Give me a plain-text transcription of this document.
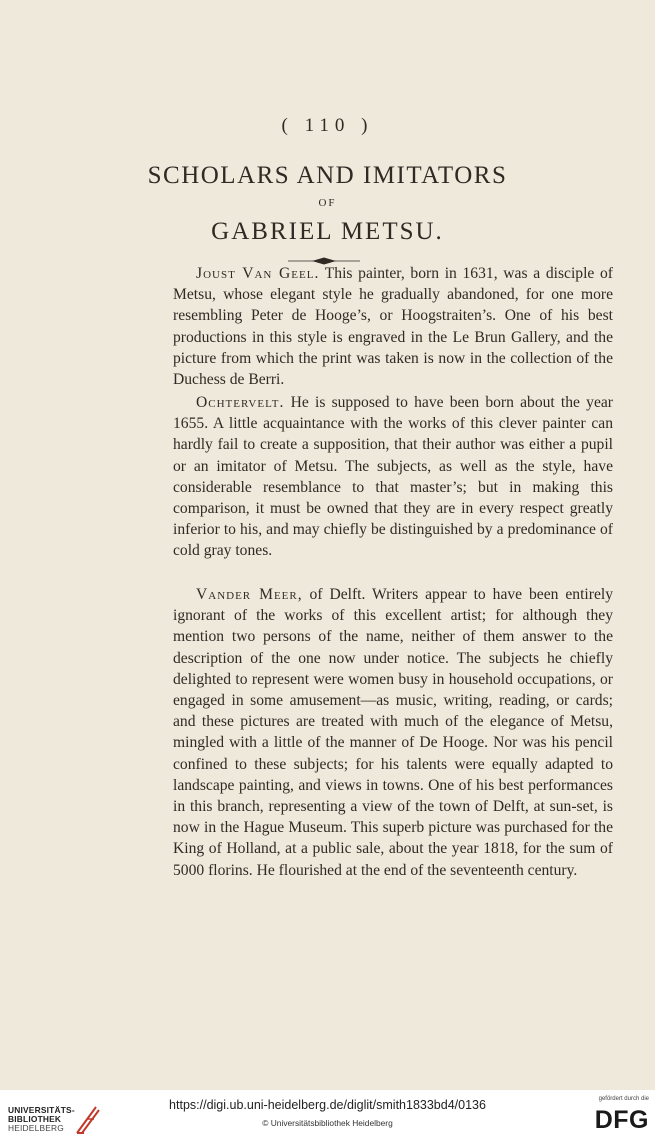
( 110 )
SCHOLARS AND IMITATORS
OF
GABRIEL METSU.

Joust Van Geel. This painter, born in 1631, was a disciple of Metsu, whose elegant style he gradually abandoned, for one more resembling Peter de Hooge’s, or Hoogstraiten’s. One of his best productions in this style is engraved in the Le Brun Gallery, and the picture from which the print was taken is now in the collection of the Duchess de Berri.

Ochtervelt. He is supposed to have been born about the year 1655. A little acquaintance with the works of this clever painter can hardly fail to create a supposition, that their author was either a pupil or an imitator of Metsu. The subjects, as well as the style, have considerable resemblance to that master’s; but in making this comparison, it must be owned that they are in every respect greatly inferior to his, and may chiefly be distinguished by a predominance of cold gray tones.

Vander Meer, of Delft. Writers appear to have been entirely ignorant of the works of this excellent artist; for although they mention two persons of the name, neither of them answer to the description of the one now under notice. The subjects he chiefly delighted to represent were women busy in household occupations, or engaged in some amusement—as music, writing, reading, or cards; and these pictures are treated with much of the elegance of Metsu, mingled with a little of the manner of De Hooge. Nor was his pencil confined to these subjects; for his talents were equally adapted to landscape painting, and views in towns. One of his best performances in this branch, representing a view of the town of Delft, at sun-set, is now in the Hague Museum. This superb picture was purchased for the King of Holland, at a public sale, about the year 1818, for the sum of 5000 florins. He flourished at the end of the seventeenth century.

UNIVERSITÄTS-
BIBLIOTHEK
HEIDELBERG
https://digi.ub.uni-heidelberg.de/diglit/smith1833bd4/0136
© Universitätsbibliothek Heidelberg
gefördert durch die
DFG
